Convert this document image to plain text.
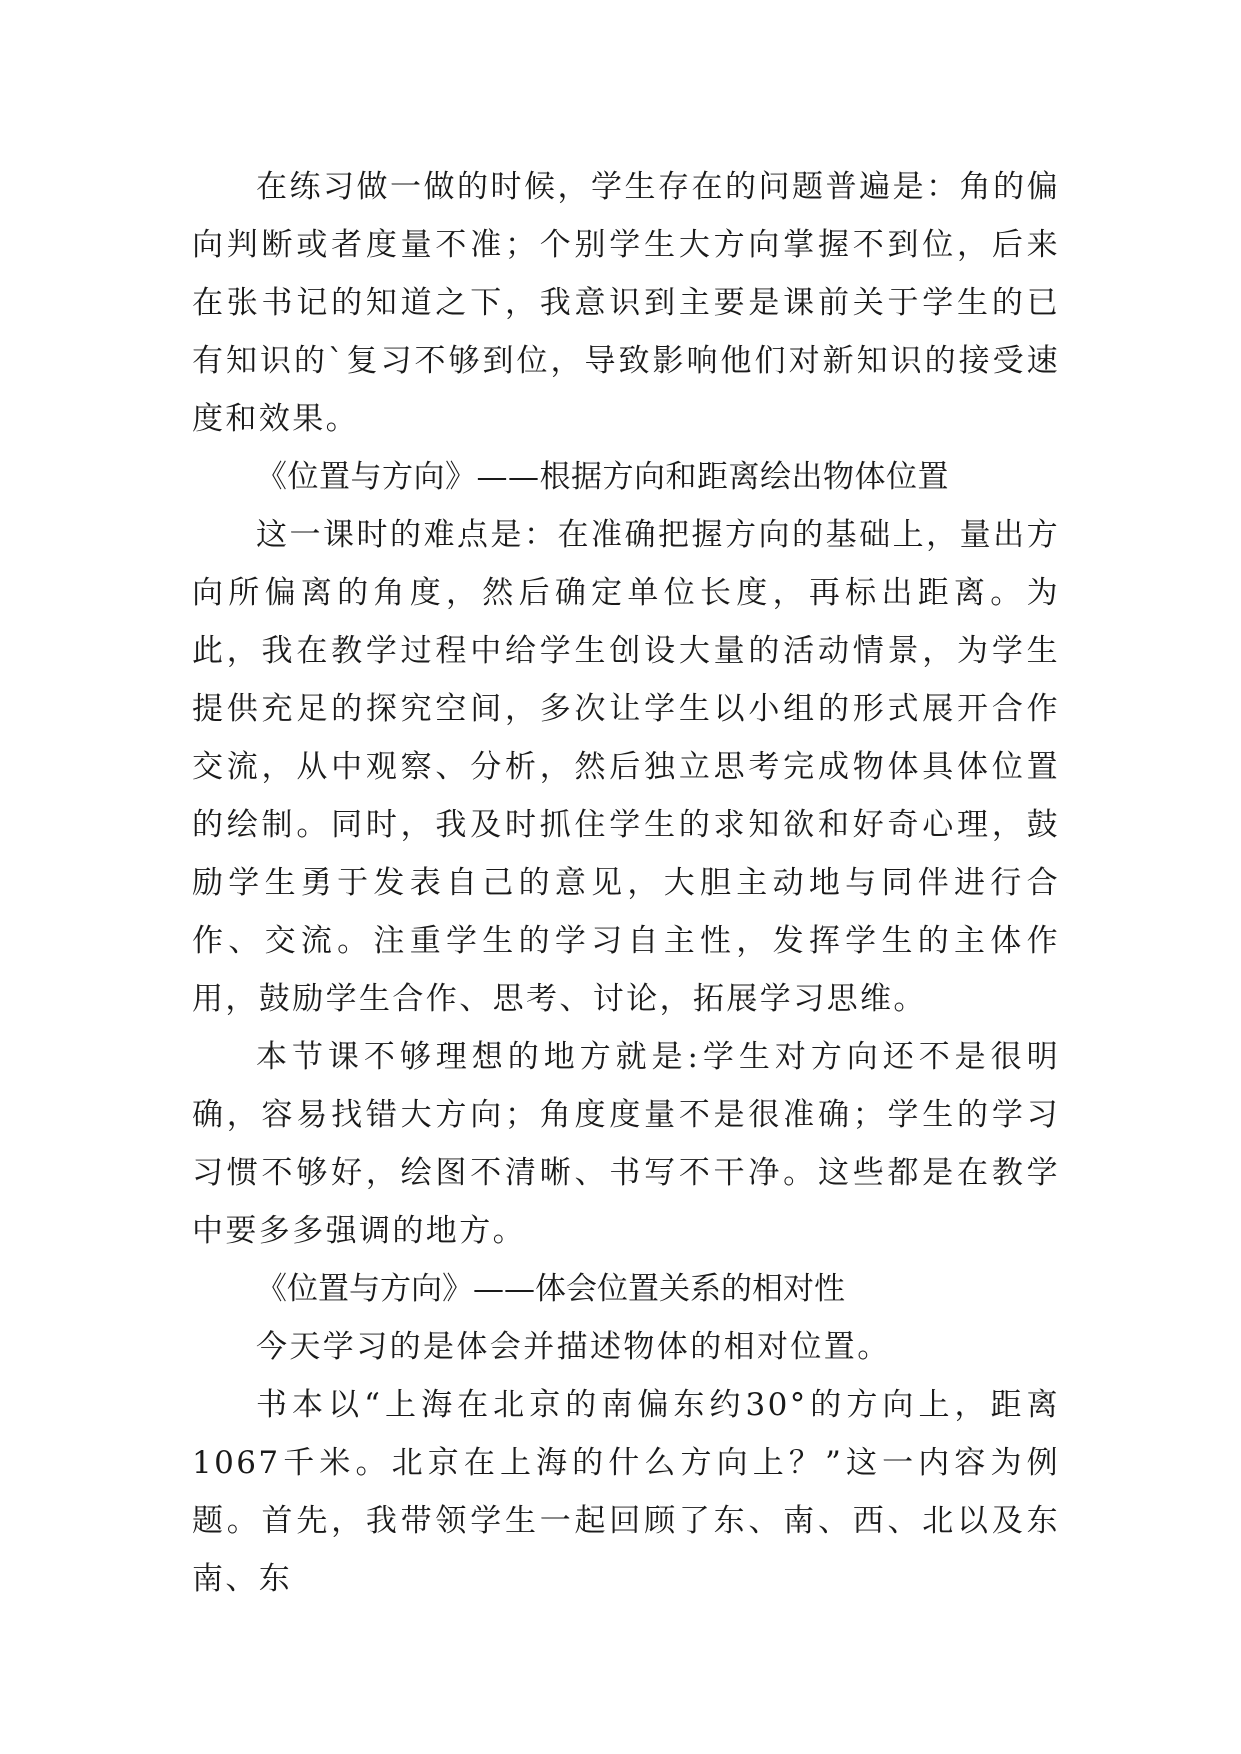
在练习做一做的时候，学生存在的问题普遍是：角的偏向判断或者度量不准；个别学生大方向掌握不到位，后来在张书记的知道之下，我意识到主要是课前关于学生的已有知识的`复习不够到位，导致影响他们对新知识的接受速度和效果。

《位置与方向》——根据方向和距离绘出物体位置

这一课时的难点是：在准确把握方向的基础上，量出方向所偏离的角度，然后确定单位长度，再标出距离。为此，我在教学过程中给学生创设大量的活动情景，为学生提供充足的探究空间，多次让学生以小组的形式展开合作交流，从中观察、分析，然后独立思考完成物体具体位置的绘制。同时，我及时抓住学生的求知欲和好奇心理，鼓励学生勇于发表自己的意见，大胆主动地与同伴进行合作、交流。注重学生的学习自主性，发挥学生的主体作用，鼓励学生合作、思考、讨论，拓展学习思维。

本节课不够理想的地方就是:学生对方向还不是很明确，容易找错大方向；角度度量不是很准确；学生的学习习惯不够好，绘图不清晰、书写不干净。这些都是在教学中要多多强调的地方。

《位置与方向》——体会位置关系的相对性

今天学习的是体会并描述物体的相对位置。

书本以“上海在北京的南偏东约30°的方向上，距离1067千米。北京在上海的什么方向上？”这一内容为例题。首先，我带领学生一起回顾了东、南、西、北以及东南、东
